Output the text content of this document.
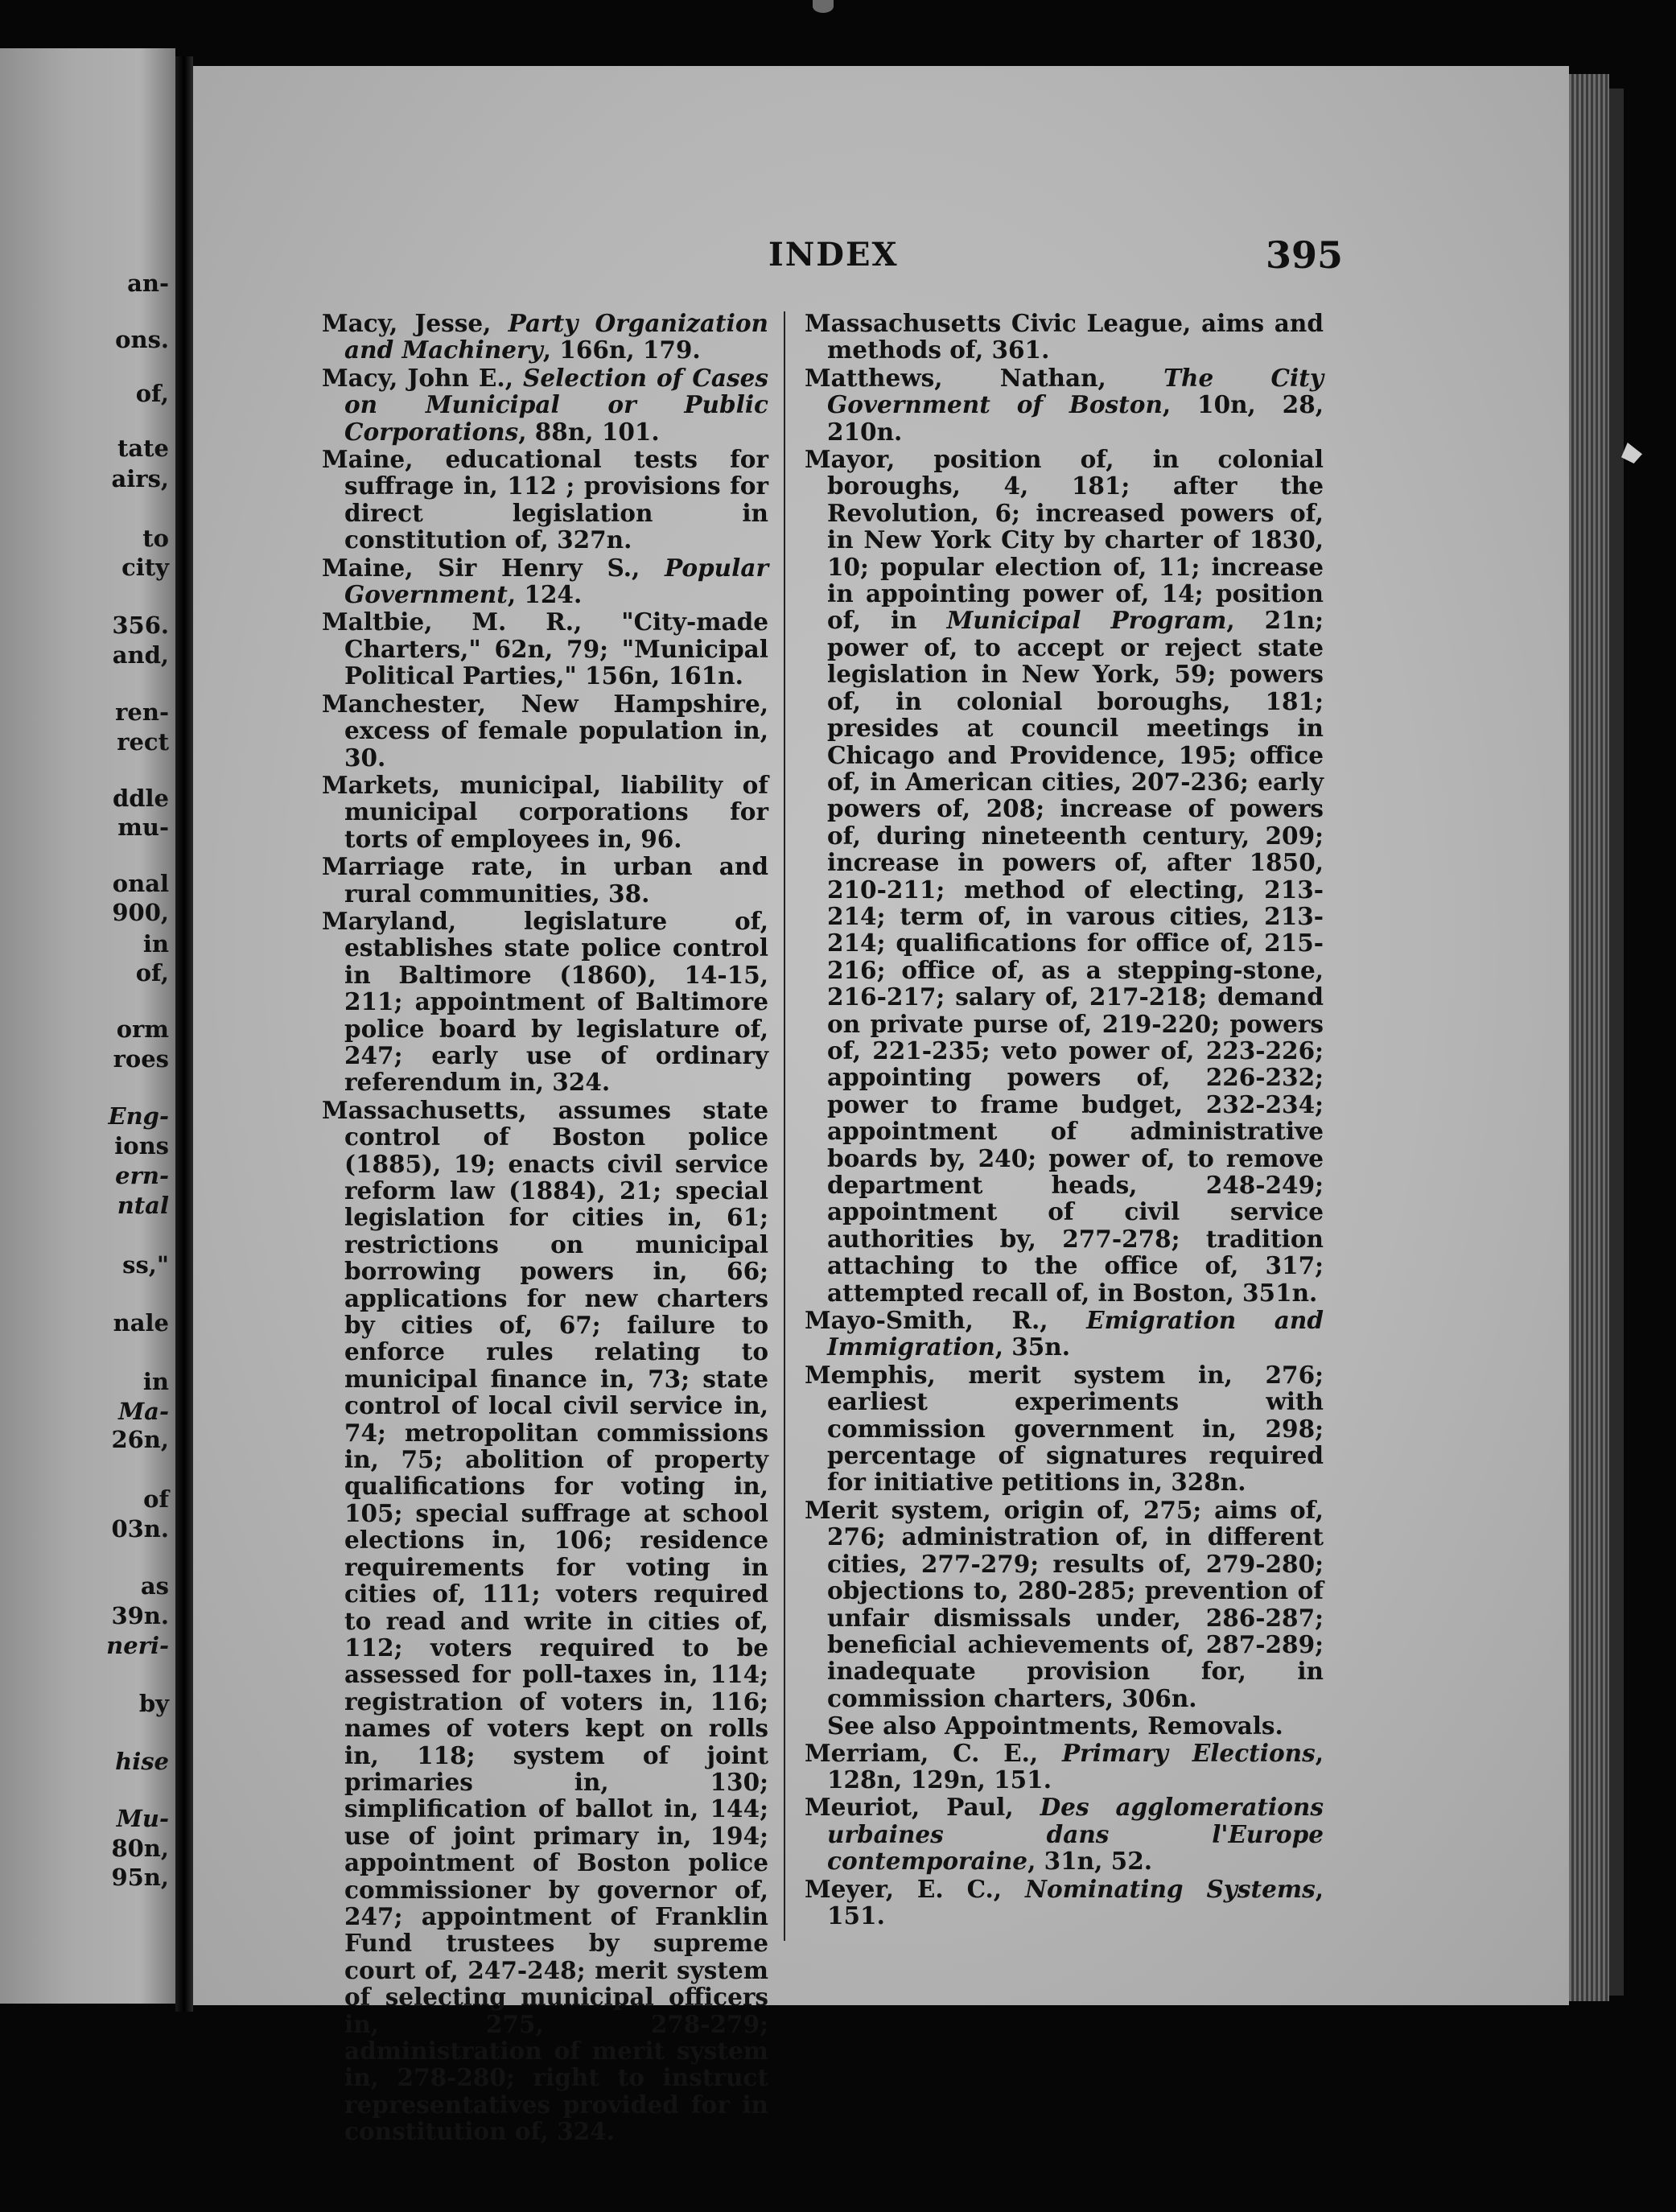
an-
ons.
of,
tate
airs,
to
city
356.
and,
ren-
rect
ddle
mu-
onal
900,
in
of,
orm
roes
Eng-
ions
ern-
ntal
ss,"
nale
in
Ma-
26n,
of
03n.
as
39n.
neri-
by
hise
Mu-
80n,
95n,
INDEX	395

Macy, Jesse, Party Organization and Machinery, 166n, 179.

Macy, John E., Selection of Cases on Municipal or Public Corporations, 88n, 101.

Maine, educational tests for suffrage in, 112 ; provisions for direct legislation in constitution of, 327n.

Maine, Sir Henry S., Popular Government, 124.

Maltbie, M. R., "City-made Charters," 62n, 79; "Municipal Political Parties," 156n, 161n.

Manchester, New Hampshire, excess of female population in, 30.

Markets, municipal, liability of municipal corporations for torts of employees in, 96.

Marriage rate, in urban and rural communities, 38.

Maryland, legislature of, establishes state police control in Baltimore (1860), 14-15, 211; appointment of Baltimore police board by legislature of, 247; early use of ordinary referendum in, 324.

Massachusetts, assumes state control of Boston police (1885), 19; enacts civil service reform law (1884), 21; special legislation for cities in, 61; restrictions on municipal borrowing powers in, 66; applications for new charters by cities of, 67; failure to enforce rules relating to municipal finance in, 73; state control of local civil service in, 74; metropolitan commissions in, 75; abolition of property qualifications for voting in, 105; special suffrage at school elections in, 106; residence requirements for voting in cities of, 111; voters required to read and write in cities of, 112; voters required to be assessed for poll-taxes in, 114; registration of voters in, 116; names of voters kept on rolls in, 118; system of joint primaries in, 130; simplification of ballot in, 144; use of joint primary in, 194; appointment of Boston police commissioner by governor of, 247; appointment of Franklin Fund trustees by supreme court of, 247-248; merit system of selecting municipal officers in, 275, 278-279; administration of merit system in, 278-280; right to instruct representatives provided for in constitution of, 324.

Massachusetts Civic League, aims and methods of, 361.

Matthews, Nathan, The City Government of Boston, 10n, 28, 210n.

Mayor, position of, in colonial boroughs, 4, 181; after the Revolution, 6; increased powers of, in New York City by charter of 1830, 10; popular election of, 11; increase in appointing power of, 14; position of, in Municipal Program, 21n; power of, to accept or reject state legislation in New York, 59; powers of, in colonial boroughs, 181; presides at council meetings in Chicago and Providence, 195; office of, in American cities, 207-236; early powers of, 208; increase of powers of, during nineteenth century, 209; increase in powers of, after 1850, 210-211; method of electing, 213-214; term of, in varous cities, 213-214; qualifications for office of, 215-216; office of, as a stepping-stone, 216-217; salary of, 217-218; demand on private purse of, 219-220; powers of, 221-235; veto power of, 223-226; appointing powers of, 226-232; power to frame budget, 232-234; appointment of administrative boards by, 240; power of, to remove department heads, 248-249; appointment of civil service authorities by, 277-278; tradition attaching to the office of, 317; attempted recall of, in Boston, 351n.

Mayo-Smith, R., Emigration and Immigration, 35n.

Memphis, merit system in, 276; earliest experiments with commission government in, 298; percentage of signatures required for initiative petitions in, 328n.

Merit system, origin of, 275; aims of, 276; administration of, in different cities, 277-279; results of, 279-280; objections to, 280-285; prevention of unfair dismissals under, 286-287; beneficial achievements of, 287-289; inadequate provision for, in commission charters, 306n.

See also Appointments, Removals.

Merriam, C. E., Primary Elections, 128n, 129n, 151.

Meuriot, Paul, Des agglomerations urbaines dans l'Europe contemporaine, 31n, 52.

Meyer, E. C., Nominating Systems, 151.
